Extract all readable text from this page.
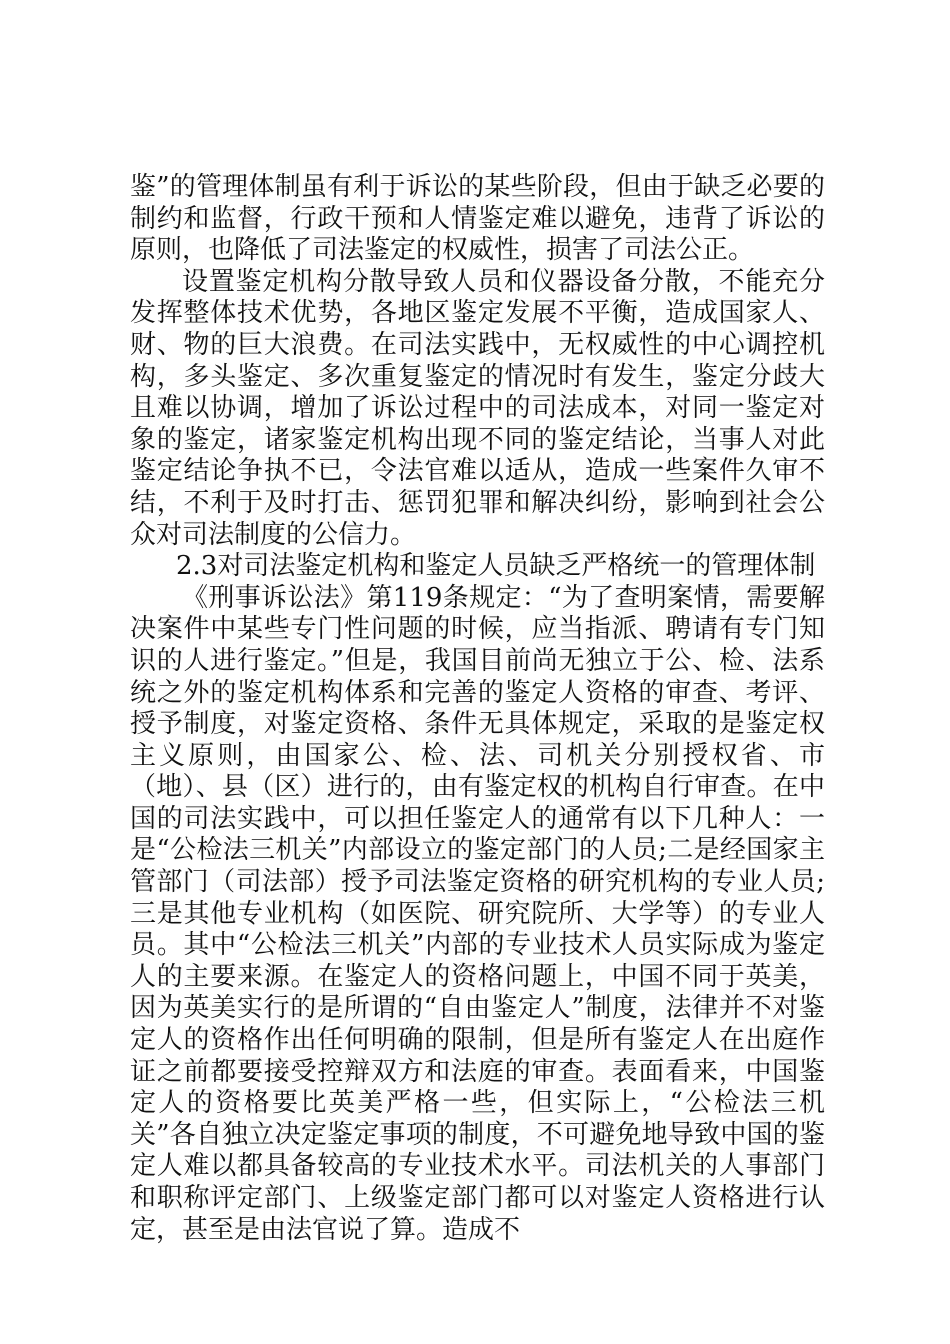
鉴”的管理体制虽有利于诉讼的某些阶段，但由于缺乏必要的制约和监督，行政干预和人情鉴定难以避免，违背了诉讼的原则，也降低了司法鉴定的权威性，损害了司法公正。

设置鉴定机构分散导致人员和仪器设备分散，不能充分发挥整体技术优势，各地区鉴定发展不平衡，造成国家人、财、物的巨大浪费。在司法实践中，无权威性的中心调控机构，多头鉴定、多次重复鉴定的情况时有发生，鉴定分歧大且难以协调，增加了诉讼过程中的司法成本，对同一鉴定对象的鉴定，诸家鉴定机构出现不同的鉴定结论，当事人对此鉴定结论争执不已，令法官难以适从，造成一些案件久审不结，不利于及时打击、惩罚犯罪和解决纠纷，影响到社会公众对司法制度的公信力。

2.3对司法鉴定机构和鉴定人员缺乏严格统一的管理体制

《刑事诉讼法》第119条规定：“为了查明案情，需要解决案件中某些专门性问题的时候，应当指派、聘请有专门知识的人进行鉴定。”但是，我国目前尚无独立于公、检、法系统之外的鉴定机构体系和完善的鉴定人资格的审查、考评、授予制度，对鉴定资格、条件无具体规定，采取的是鉴定权主义原则，由国家公、检、法、司机关分别授权省、市（地）、县（区）进行的，由有鉴定权的机构自行审查。在中国的司法实践中，可以担任鉴定人的通常有以下几种人：一是“公检法三机关”内部设立的鉴定部门的人员;二是经国家主管部门（司法部）授予司法鉴定资格的研究机构的专业人员;三是其他专业机构（如医院、研究院所、大学等）的专业人员。其中“公检法三机关”内部的专业技术人员实际成为鉴定人的主要来源。在鉴定人的资格问题上，中国不同于英美，因为英美实行的是所谓的“自由鉴定人”制度，法律并不对鉴定人的资格作出任何明确的限制，但是所有鉴定人在出庭作证之前都要接受控辩双方和法庭的审查。表面看来，中国鉴定人的资格要比英美严格一些，但实际上，“公检法三机关”各自独立决定鉴定事项的制度，不可避免地导致中国的鉴定人难以都具备较高的专业技术水平。司法机关的人事部门和职称评定部门、上级鉴定部门都可以对鉴定人资格进行认定，甚至是由法官说了算。造成不
